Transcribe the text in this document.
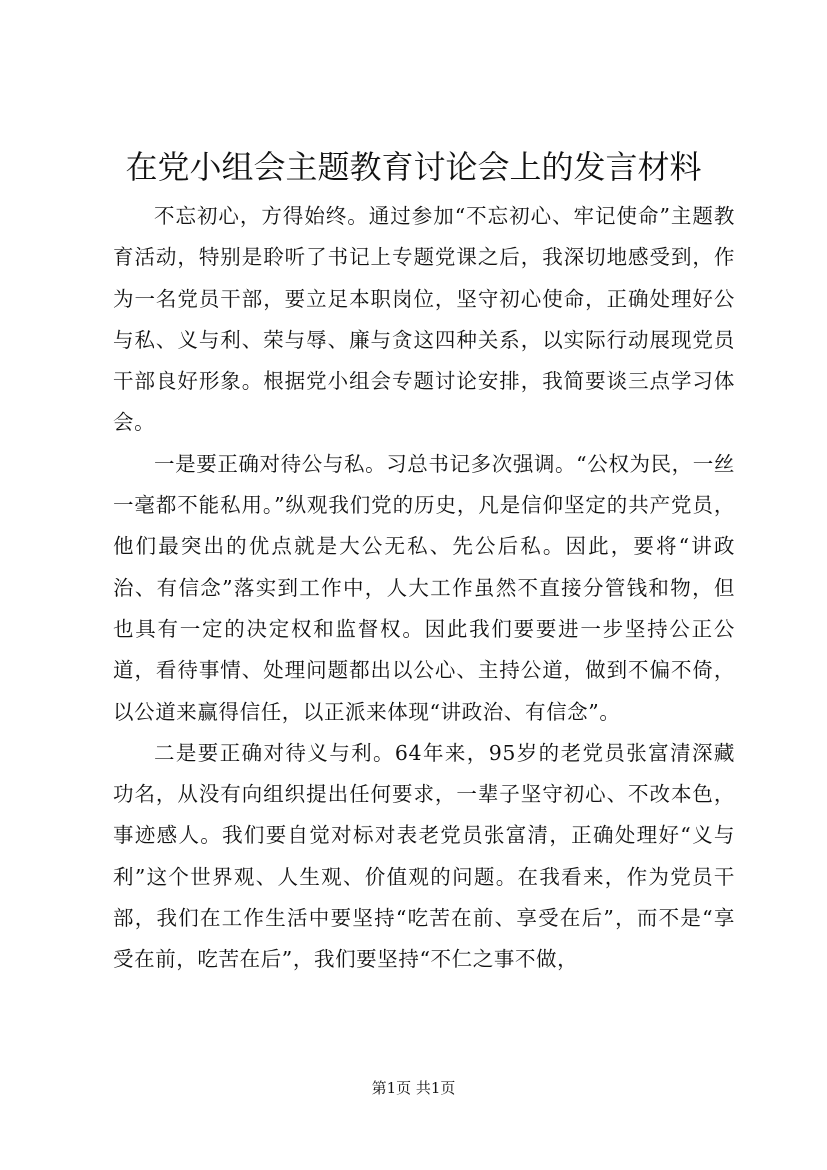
在党小组会主题教育讨论会上的发言材料

不忘初心，方得始终。通过参加“不忘初心、牢记使命”主题教育活动，特别是聆听了书记上专题党课之后，我深切地感受到，作为一名党员干部，要立足本职岗位，坚守初心使命，正确处理好公与私、义与利、荣与辱、廉与贪这四种关系，以实际行动展现党员干部良好形象。根据党小组会专题讨论安排，我简要谈三点学习体会。

一是要正确对待公与私。习总书记多次强调。“公权为民，一丝一毫都不能私用。”纵观我们党的历史，凡是信仰坚定的共产党员，他们最突出的优点就是大公无私、先公后私。因此，要将“讲政治、有信念”落实到工作中，人大工作虽然不直接分管钱和物，但也具有一定的决定权和监督权。因此我们要要进一步坚持公正公道，看待事情、处理问题都出以公心、主持公道，做到不偏不倚，以公道来赢得信任，以正派来体现“讲政治、有信念”。

二是要正确对待义与利。64年来，95岁的老党员张富清深藏功名，从没有向组织提出任何要求，一辈子坚守初心、不改本色，事迹感人。我们要自觉对标对表老党员张富清，正确处理好“义与利”这个世界观、人生观、价值观的问题。在我看来，作为党员干部，我们在工作生活中要坚持“吃苦在前、享受在后”，而不是“享受在前，吃苦在后”，我们要坚持“不仁之事不做，

第1页 共1页
